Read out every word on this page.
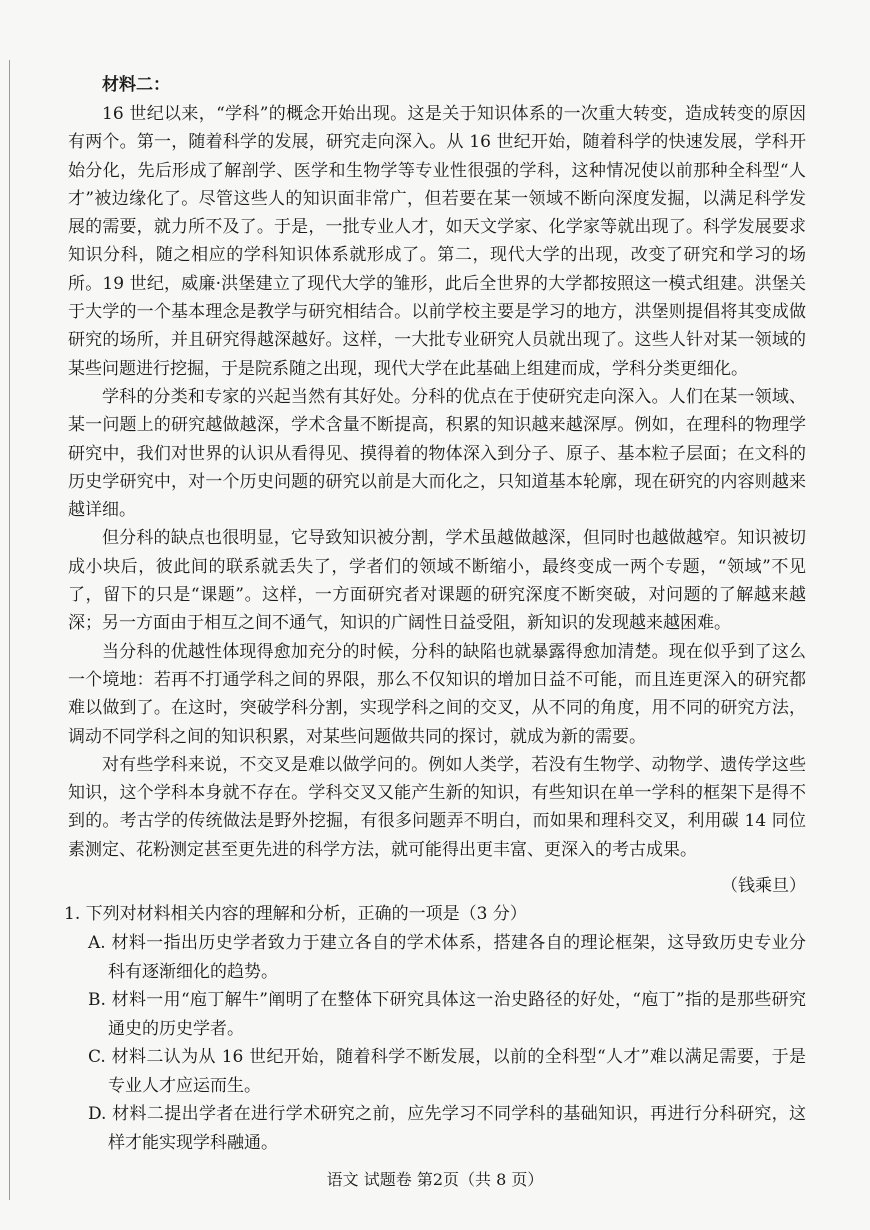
材料二：

16 世纪以来，“学科”的概念开始出现。这是关于知识体系的一次重大转变，造成转变的原因有两个。第一，随着科学的发展，研究走向深入。从 16 世纪开始，随着科学的快速发展，学科开始分化，先后形成了解剖学、医学和生物学等专业性很强的学科，这种情况使以前那种全科型“人才”被边缘化了。尽管这些人的知识面非常广，但若要在某一领域不断向深度发掘，以满足科学发展的需要，就力所不及了。于是，一批专业人才，如天文学家、化学家等就出现了。科学发展要求知识分科，随之相应的学科知识体系就形成了。第二，现代大学的出现，改变了研究和学习的场所。19 世纪，威廉·洪堡建立了现代大学的雏形，此后全世界的大学都按照这一模式组建。洪堡关于大学的一个基本理念是教学与研究相结合。以前学校主要是学习的地方，洪堡则提倡将其变成做研究的场所，并且研究得越深越好。这样，一大批专业研究人员就出现了。这些人针对某一领域的某些问题进行挖掘，于是院系随之出现，现代大学在此基础上组建而成，学科分类更细化。

学科的分类和专家的兴起当然有其好处。分科的优点在于使研究走向深入。人们在某一领域、某一问题上的研究越做越深，学术含量不断提高，积累的知识越来越深厚。例如，在理科的物理学研究中，我们对世界的认识从看得见、摸得着的物体深入到分子、原子、基本粒子层面；在文科的历史学研究中，对一个历史问题的研究以前是大而化之，只知道基本轮廓，现在研究的内容则越来越详细。

但分科的缺点也很明显，它导致知识被分割，学术虽越做越深，但同时也越做越窄。知识被切成小块后，彼此间的联系就丢失了，学者们的领域不断缩小，最终变成一两个专题，“领域”不见了，留下的只是“课题”。这样，一方面研究者对课题的研究深度不断突破，对问题的了解越来越深；另一方面由于相互之间不通气，知识的广阔性日益受阻，新知识的发现越来越困难。

当分科的优越性体现得愈加充分的时候，分科的缺陷也就暴露得愈加清楚。现在似乎到了这么一个境地：若再不打通学科之间的界限，那么不仅知识的增加日益不可能，而且连更深入的研究都难以做到了。在这时，突破学科分割，实现学科之间的交叉，从不同的角度，用不同的研究方法，调动不同学科之间的知识积累，对某些问题做共同的探讨，就成为新的需要。

对有些学科来说，不交叉是难以做学问的。例如人类学，若没有生物学、动物学、遗传学这些知识，这个学科本身就不存在。学科交叉又能产生新的知识，有些知识在单一学科的框架下是得不到的。考古学的传统做法是野外挖掘，有很多问题弄不明白，而如果和理科交叉，利用碳 14 同位素测定、花粉测定甚至更先进的科学方法，就可能得出更丰富、更深入的考古成果。

（钱乘旦）

1. 下列对材料相关内容的理解和分析，正确的一项是（3 分）

A. 材料一指出历史学者致力于建立各自的学术体系，搭建各自的理论框架，这导致历史专业分科有逐渐细化的趋势。

B. 材料一用“庖丁解牛”阐明了在整体下研究具体这一治史路径的好处，“庖丁”指的是那些研究通史的历史学者。

C. 材料二认为从 16 世纪开始，随着科学不断发展，以前的全科型“人才”难以满足需要，于是专业人才应运而生。

D. 材料二提出学者在进行学术研究之前，应先学习不同学科的基础知识，再进行分科研究，这样才能实现学科融通。

语文 试题卷 第2页（共 8 页）
